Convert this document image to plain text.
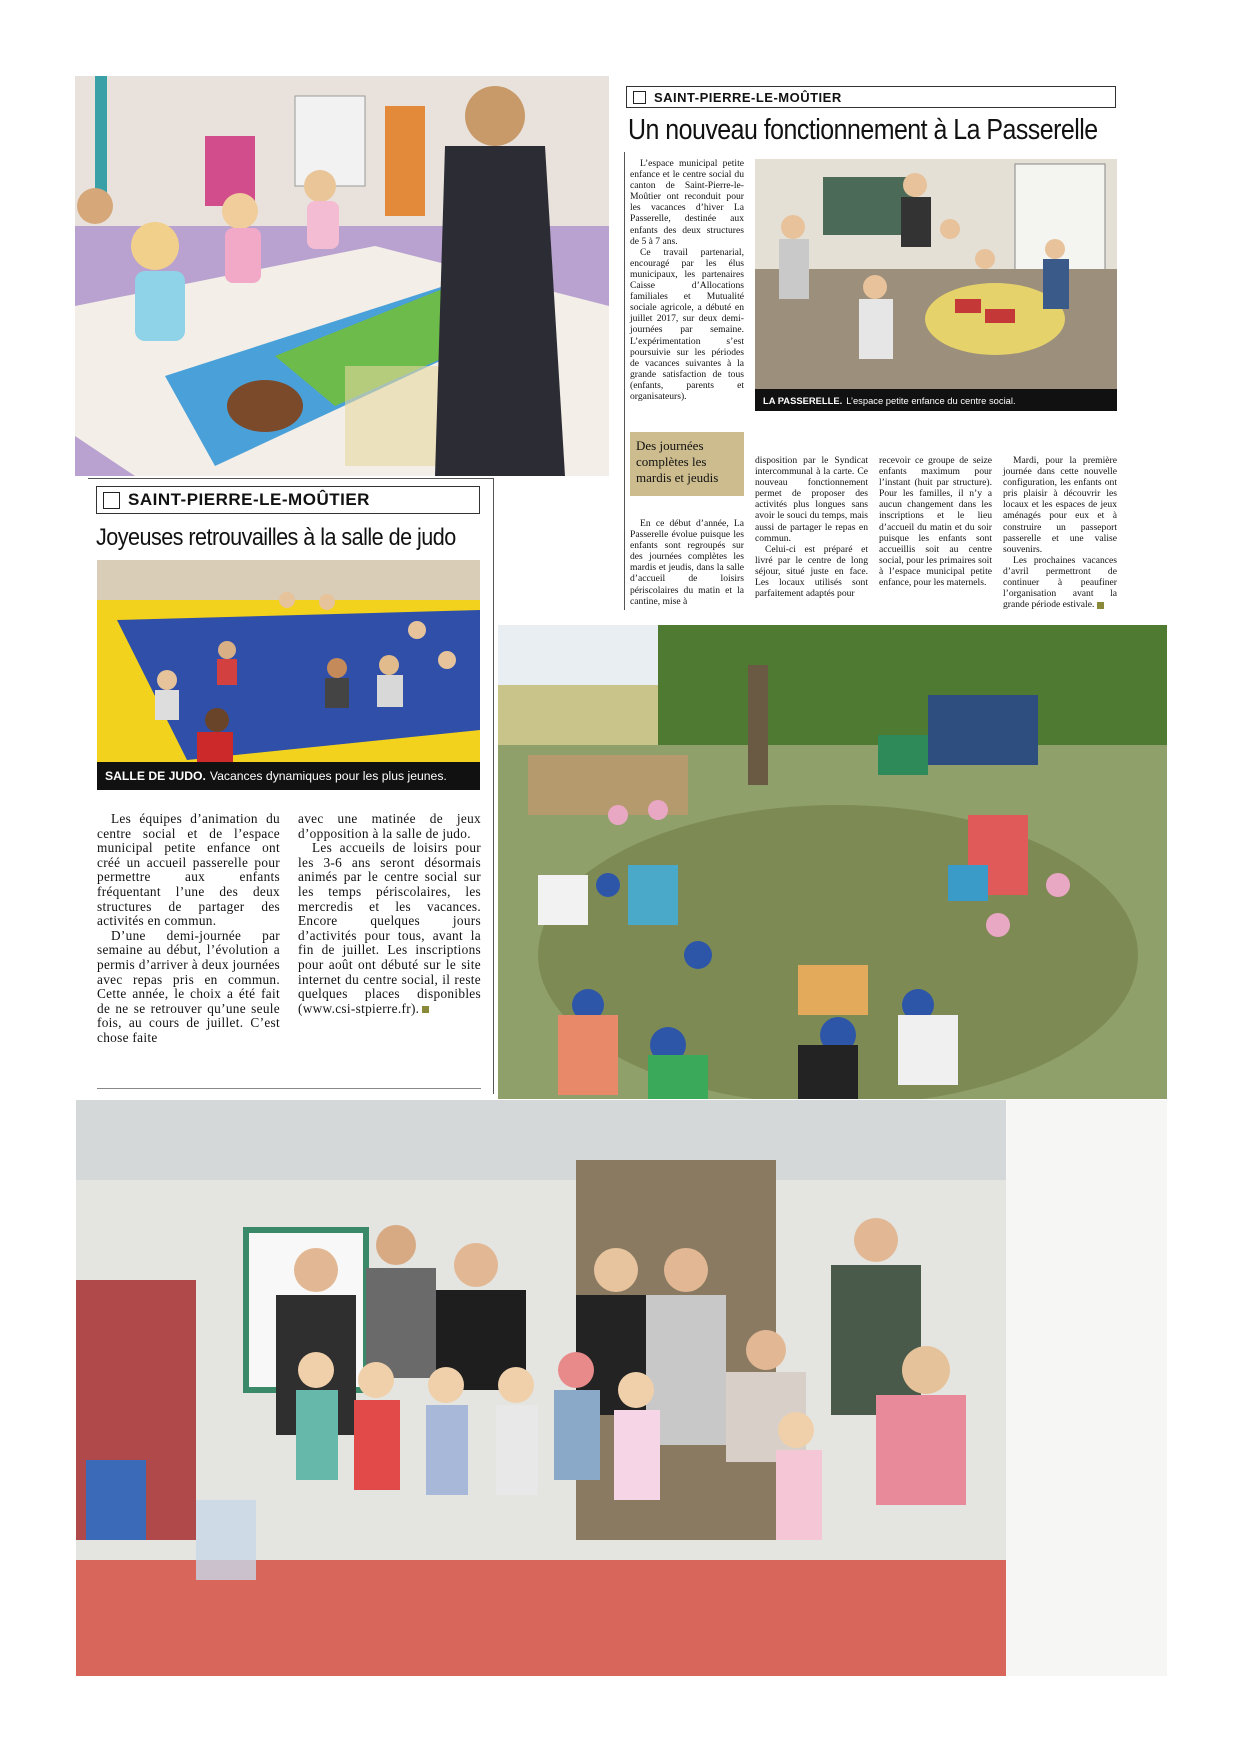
SAINT-PIERRE-LE-MOÛTIER
Un nouveau fonctionnement à La Passerelle

L’espace municipal petite enfance et le centre social du canton de Saint-Pierre-le-Moûtier ont reconduit pour les vacances d’hiver La Passerelle, destinée aux enfants des deux structures de 5 à 7 ans.

Ce travail partenarial, encouragé par les élus municipaux, les partenaires Caisse d’Allocations familiales et Mutualité sociale agricole, a débuté en juillet 2017, sur deux demi-journées par semaine. L’expérimentation s’est poursuivie sur les périodes de vacances suivantes à la grande satisfaction de tous (enfants, parents et organisateurs).

Des journées complètes les mardis et jeudis

En ce début d’année, La Passerelle évolue puisque les enfants sont regroupés sur des journées complètes les mardis et jeudis, dans la salle d’accueil de loisirs périscolaires du matin et la cantine, mise à

LA PASSERELLE. L’espace petite enfance du centre social.

disposition par le Syndicat intercommunal à la carte. Ce nouveau fonctionnement permet de proposer des activités plus longues sans avoir le souci du temps, mais aussi de partager le repas en commun.

Celui-ci est préparé et livré par le centre de long séjour, situé juste en face. Les locaux utilisés sont parfaitement adaptés pour

recevoir ce groupe de seize enfants maximum pour l’instant (huit par structure). Pour les familles, il n’y a aucun changement dans les inscriptions et le lieu d’accueil du matin et du soir puisque les enfants sont accueillis soit au centre social, pour les primaires soit à l’espace municipal petite enfance, pour les maternels.

Mardi, pour la première journée dans cette nouvelle configuration, les enfants ont pris plaisir à découvrir les locaux et les espaces de jeux aménagés pour eux et à construire un passeport passerelle et une valise souvenirs.

Les prochaines vacances d’avril permettront de continuer à peaufiner l’organisation avant la grande période estivale.

SAINT-PIERRE-LE-MOÛTIER
Joyeuses retrouvailles à la salle de judo
SALLE DE JUDO. Vacances dynamiques pour les plus jeunes.

Les équipes d’animation du centre social et de l’espace municipal petite enfance ont créé un accueil passerelle pour permettre aux enfants fréquentant l’une des deux structures de partager des activités en commun.

D’une demi-journée par semaine au début, l’évolution a permis d’arriver à deux journées avec repas pris en commun. Cette année, le choix a été fait de ne se retrouver qu’une seule fois, au cours de juillet. C’est chose faite

avec une matinée de jeux d’opposition à la salle de judo.

Les accueils de loisirs pour les 3-6 ans seront désormais animés par le centre social sur les temps périscolaires, les mercredis et les vacances. Encore quelques jours d’activités pour tous, avant la fin de juillet. Les inscriptions pour août ont débuté sur le site internet du centre social, il reste quelques places disponibles (www.csi-stpierre.fr).
